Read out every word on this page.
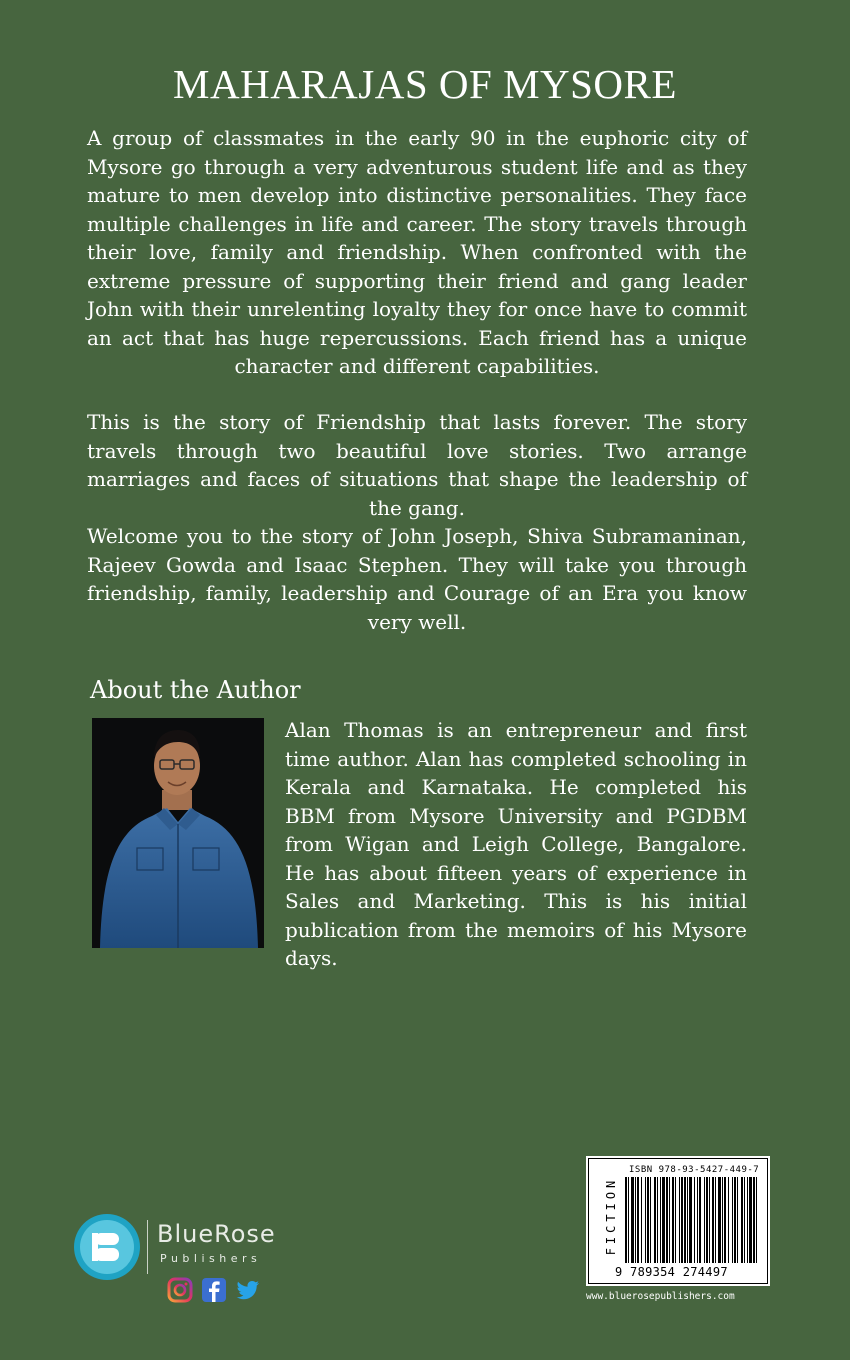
MAHARAJAS OF MYSORE

A group of classmates in the early 90 in the euphoric city of Mysore go through a very adventurous student life and as they mature to men develop into distinctive personalities. They face multiple challenges in life and career. The story travels through their love, family and friendship. When confronted with the extreme pressure of supporting their friend and gang leader John with their unrelenting loyalty they for once have to commit an act that has huge repercussions. Each friend has a unique character and different capabilities.

This is the story of Friendship that lasts forever. The story travels through two beautiful love stories. Two arrange marriages and faces of situations that shape the leadership of the gang.

Welcome you to the story of John Joseph, Shiva Subramaninan, Rajeev Gowda and Isaac Stephen. They will take you through friendship, family, leadership and Courage of an Era you know very well.

About the Author

Alan Thomas is an entrepreneur and first time author. Alan has completed schooling in Kerala and Karnataka. He completed his BBM from Mysore University and PGDBM from Wigan and Leigh College, Bangalore. He has about fifteen years of experience in Sales and Marketing. This is his initial publication from the memoirs of his Mysore days.

BlueRose
Publishers
FICTION
ISBN 978-93-5427-449-7
9 789354 274497
www.bluerosepublishers.com
